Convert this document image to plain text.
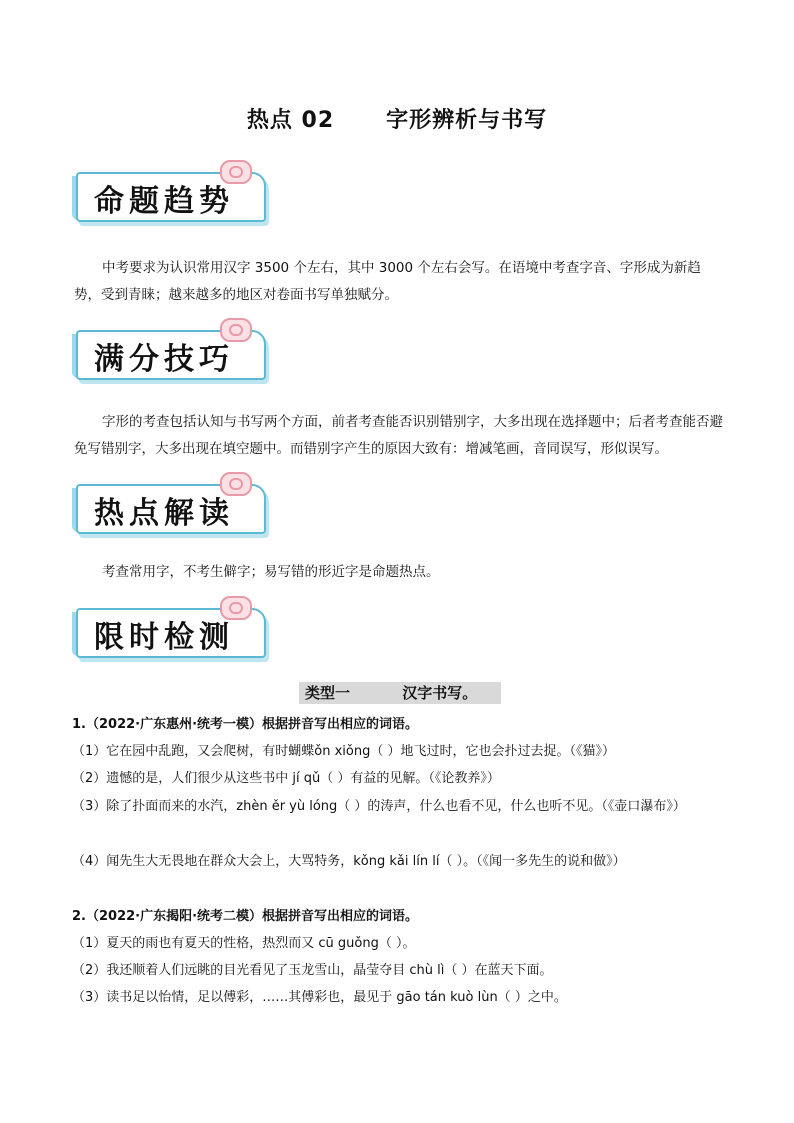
热点 02      字形辨析与书写
命题趋势
中考要求为认识常用汉字 3500 个左右，其中 3000 个左右会写。在语境中考查字音、字形成为新趋势，受到青睐；越来越多的地区对卷面书写单独赋分。
满分技巧
字形的考查包括认知与书写两个方面，前者考查能否识别错别字，大多出现在选择题中；后者考查能否避免写错别字，大多出现在填空题中。而错别字产生的原因大致有：增减笔画，音同误写，形似误写。
热点解读
考查常用字，不考生僻字；易写错的形近字是命题热点。
限时检测
类型一          汉字书写。
1.（2022·广东惠州·统考一模）根据拼音写出相应的词语。
（1）它在园中乱跑，又会爬树，有时蝴蝶ǒn xiǒng（ ）地飞过时，它也会扑过去捉。（《猫》）
（2）遗憾的是，人们很少从这些书中 jí qǔ（ ）有益的见解。（《论教养》）
（3）除了扑面而来的水汽，zhèn ěr yù lóng（ ）的涛声，什么也看不见，什么也听不见。（《壶口瀑布》）
（4）闻先生大无畏地在群众大会上，大骂特务，kǒng kǎi lín lí（ ）。（《闻一多先生的说和做》）
2.（2022·广东揭阳·统考二模）根据拼音写出相应的词语。
（1）夏天的雨也有夏天的性格，热烈而又 cū guǒng（ ）。
（2）我还顺着人们远眺的目光看见了玉龙雪山，晶莹夺目 chù lì（ ）在蓝天下面。
（3）读书足以怡情，足以傅彩，……其傅彩也，最见于 gāo tán kuò lùn（ ）之中。
